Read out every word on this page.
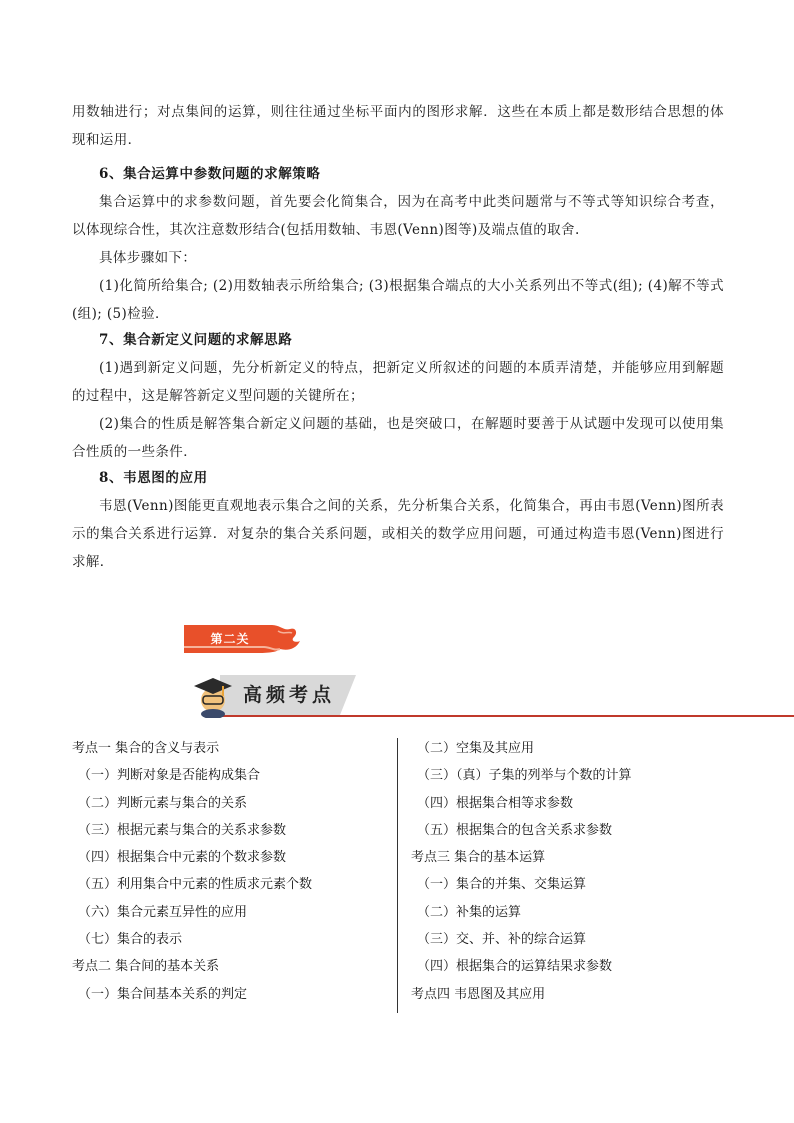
用数轴进行；对点集间的运算，则往往通过坐标平面内的图形求解．这些在本质上都是数形结合思想的体现和运用．

6、集合运算中参数问题的求解策略

集合运算中的求参数问题，首先要会化简集合，因为在高考中此类问题常与不等式等知识综合考查，以体现综合性，其次注意数形结合(包括用数轴、韦恩(Venn)图等)及端点值的取舍.

具体步骤如下：

(1)化简所给集合; (2)用数轴表示所给集合; (3)根据集合端点的大小关系列出不等式(组); (4)解不等式(组); (5)检验．

7、集合新定义问题的求解思路

(1)遇到新定义问题，先分析新定义的特点，把新定义所叙述的问题的本质弄清楚，并能够应用到解题的过程中，这是解答新定义型问题的关键所在；

(2)集合的性质是解答集合新定义问题的基础，也是突破口，在解题时要善于从试题中发现可以使用集合性质的一些条件．

8、韦恩图的应用

韦恩(Venn)图能更直观地表示集合之间的关系，先分析集合关系，化简集合，再由韦恩(Venn)图所表示的集合关系进行运算．对复杂的集合关系问题，或相关的数学应用问题，可通过构造韦恩(Venn)图进行求解．

第二关
高频考点
考点一 集合的含义与表示
（一）判断对象是否能构成集合
（二）判断元素与集合的关系
（三）根据元素与集合的关系求参数
（四）根据集合中元素的个数求参数
（五）利用集合中元素的性质求元素个数
（六）集合元素互异性的应用
（七）集合的表示
考点二 集合间的基本关系
（一）集合间基本关系的判定
（二）空集及其应用
（三）（真）子集的列举与个数的计算
（四）根据集合相等求参数
（五）根据集合的包含关系求参数
考点三 集合的基本运算
（一）集合的并集、交集运算
（二）补集的运算
（三）交、并、补的综合运算
（四）根据集合的运算结果求参数
考点四 韦恩图及其应用
